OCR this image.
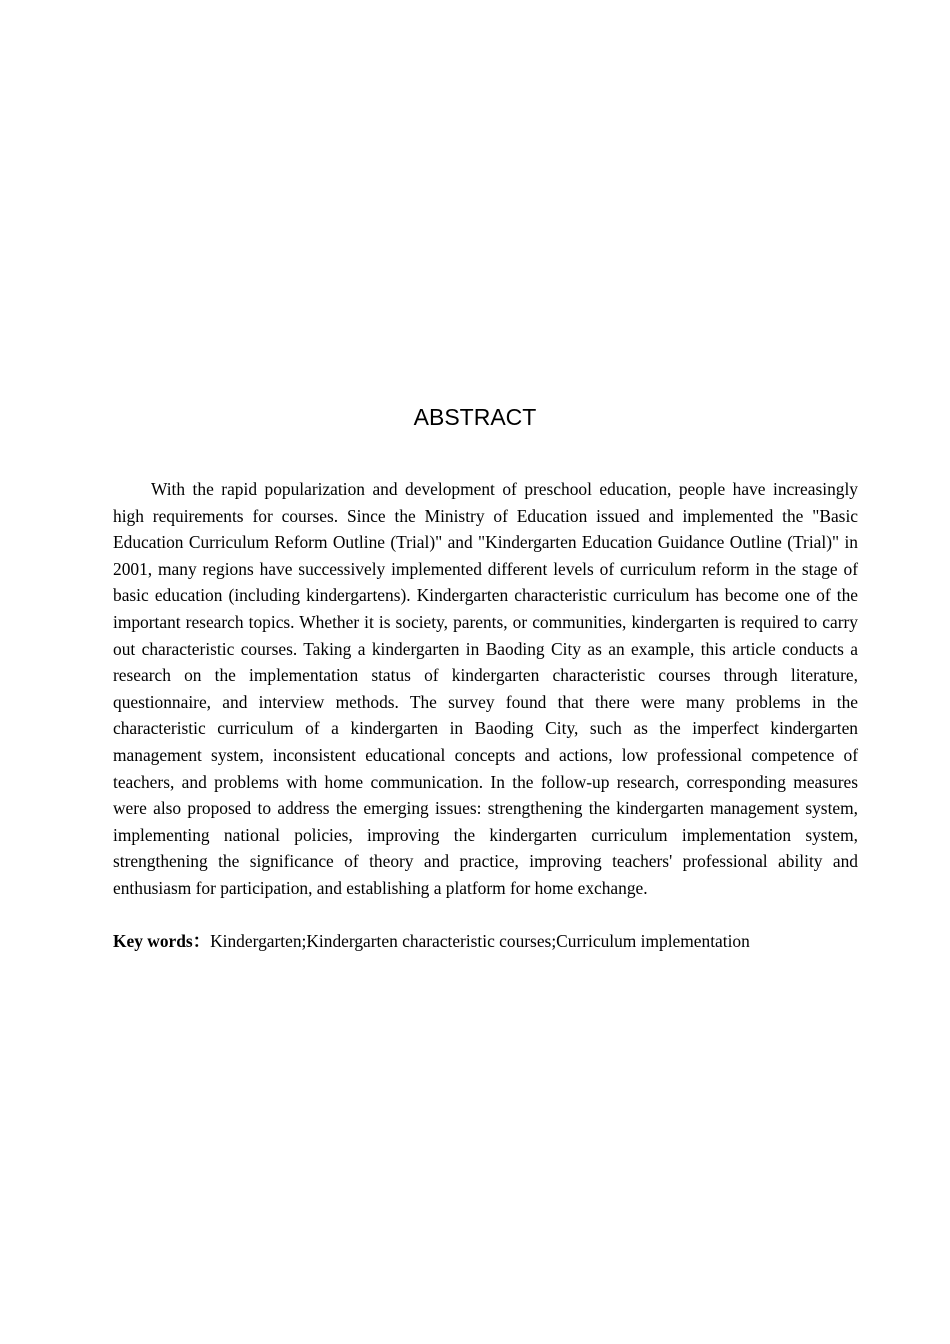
ABSTRACT

With the rapid popularization and development of preschool education, people have increasingly high requirements for courses. Since the Ministry of Education issued and implemented the "Basic Education Curriculum Reform Outline (Trial)" and "Kindergarten Education Guidance Outline (Trial)" in 2001, many regions have successively implemented different levels of curriculum reform in the stage of basic education (including kindergartens). Kindergarten characteristic curriculum has become one of the important research topics. Whether it is society, parents, or communities, kindergarten is required to carry out characteristic courses. Taking a kindergarten in Baoding City as an example, this article conducts a research on the implementation status of kindergarten characteristic courses through literature, questionnaire, and interview methods. The survey found that there were many problems in the characteristic curriculum of a kindergarten in Baoding City, such as the imperfect kindergarten management system, inconsistent educational concepts and actions, low professional competence of teachers, and problems with home communication. In the follow-up research, corresponding measures were also proposed to address the emerging issues: strengthening the kindergarten management system, implementing national policies, improving the kindergarten curriculum implementation system, strengthening the significance of theory and practice, improving teachers' professional ability and enthusiasm for participation, and establishing a platform for home exchange.

Key words：Kindergarten;Kindergarten characteristic courses;Curriculum implementation
